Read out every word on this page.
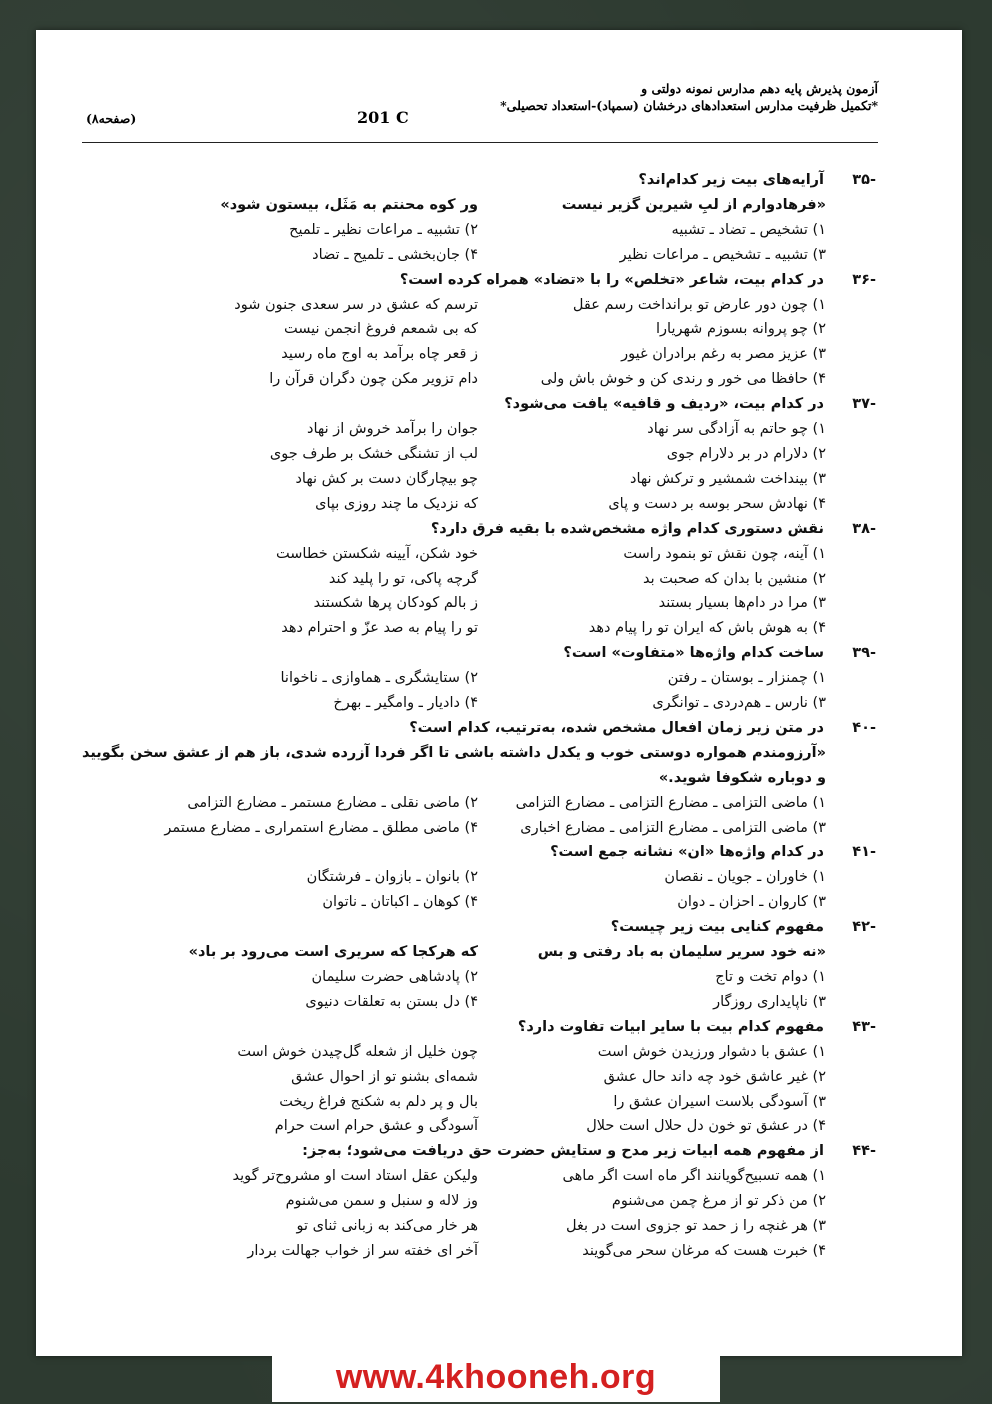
آزمون پذیرش پایه دهم مدارس نمونه دولتی و
*تکمیل ظرفیت مدارس استعدادهای درخشان (سمپاد)-استعداد تحصیلی*
201 C
(صفحه۸)
-۳۵
آرایه‌های بیت زیر کدام‌اند؟
«فرهادوارم از لبِ شیرین گزیر نیست
ور کوه محنتم به مَثَل، بیستون شود»
۱) تشخیص ـ تضاد ـ تشبیه
۲) تشبیه ـ مراعات نظیر ـ تلمیح
۳) تشبیه ـ تشخیص ـ مراعات نظیر
۴) جان‌بخشی ـ تلمیح ـ تضاد
-۳۶
در کدام بیت، شاعر «تخلص» را با «تضاد» همراه کرده است؟
۱) چون دور عارض تو برانداخت رسم عقل
ترسم که عشق در سر سعدی جنون شود
۲) چو پروانه بسوزم شهریارا
که بی شمعم فروغ انجمن نیست
۳) عزیز مصر به رغم برادران غیور
ز قعر چاه برآمد به اوج ماه رسید
۴) حافظا می خور و رندی کن و خوش باش ولی
دام تزویر مکن چون دگران قرآن را
-۳۷
در کدام بیت، «ردیف و قافیه» یافت می‌شود؟
۱) چو حاتم به آزادگی سر نهاد
جوان را برآمد خروش از نهاد
۲) دلارام در بر دلارام جوی
لب از تشنگی خشک بر طرف جوی
۳) بینداخت شمشیر و ترکش نهاد
چو بیچارگان دست بر کش نهاد
۴) نهادش سحر بوسه بر دست و پای
که نزدیک ما چند روزی بپای
-۳۸
نقش دستوری کدام واژه مشخص‌شده با بقیه فرق دارد؟
۱) آینه، چون نقش تو بنمود راست
خود شکن، آیینه شکستن خطاست
۲) منشین با بدان که صحبت بد
گرچه پاکی، تو را پلید کند
۳) مرا در دام‌ها بسیار بستند
ز بالم کودکان پرها شکستند
۴) به هوش باش که ایران تو را پیام دهد
تو را پیام به صد عزّ و احترام دهد
-۳۹
ساخت کدام واژه‌ها «متفاوت» است؟
۱) چمنزار ـ بوستان ـ رفتن
۲) ستایشگری ـ هماوازی ـ ناخوانا
۳) نارس ـ هم‌دردی ـ توانگری
۴) دادیار ـ وامگیر ـ بهرخ
-۴۰
در متن زیر زمان افعال مشخص شده، به‌ترتیب، کدام است؟
«آرزومندم همواره دوستی خوب و یکدل داشته باشی تا اگر فردا آزرده شدی، باز هم از عشق سخن بگویید و دوباره شکوفا شوید.»
۱) ماضی التزامی ـ مضارع التزامی ـ مضارع التزامی
۲) ماضی نقلی ـ مضارع مستمر ـ مضارع التزامی
۳) ماضی التزامی ـ مضارع التزامی ـ مضارع اخباری
۴) ماضی مطلق ـ مضارع استمراری ـ مضارع مستمر
-۴۱
در کدام واژه‌ها «ان» نشانه جمع است؟
۱) خاوران ـ جویان ـ نقصان
۲) بانوان ـ بازوان ـ فرشتگان
۳) کاروان ـ احزان ـ دوان
۴) کوهان ـ اکباتان ـ ناتوان
-۴۲
مفهوم کنایی بیت زیر چیست؟
«نه خود سریر سلیمان به باد رفتی و بس
که هرکجا که سریری است می‌رود بر باد»
۱) دوام تخت و تاج
۲) پادشاهی حضرت سلیمان
۳) ناپایداری روزگار
۴) دل بستن به تعلقات دنیوی
-۴۳
مفهوم کدام بیت با سایر ابیات تفاوت دارد؟
۱) عشق با دشوار ورزیدن خوش است
چون خلیل از شعله گل‌چیدن خوش است
۲) غیر عاشق خود چه داند حال عشق
شمه‌ای بشنو تو از احوال عشق
۳) آسودگی بلاست اسیران عشق را
بال و پر دلم به شکنج فراغ ریخت
۴) در عشق تو خون دل حلال است حلال
آسودگی و عشق حرام است حرام
-۴۴
از مفهوم همه ابیات زیر مدح و ستایش حضرت حق دریافت می‌شود؛ به‌جز:
۱) همه تسبیح‌گویانند اگر ماه است اگر ماهی
ولیکن عقل استاد است او مشروح‌تر گوید
۲) من ذکر تو از مرغ چمن می‌شنوم
وز لاله و سنبل و سمن می‌شنوم
۳) هر غنچه را ز حمد تو جزوی است در بغل
هر خار می‌کند به زبانی ثنای تو
۴) خبرت هست که مرغان سحر می‌گویند
آخر ای خفته سر از خواب جهالت بردار
www.4khooneh.org
